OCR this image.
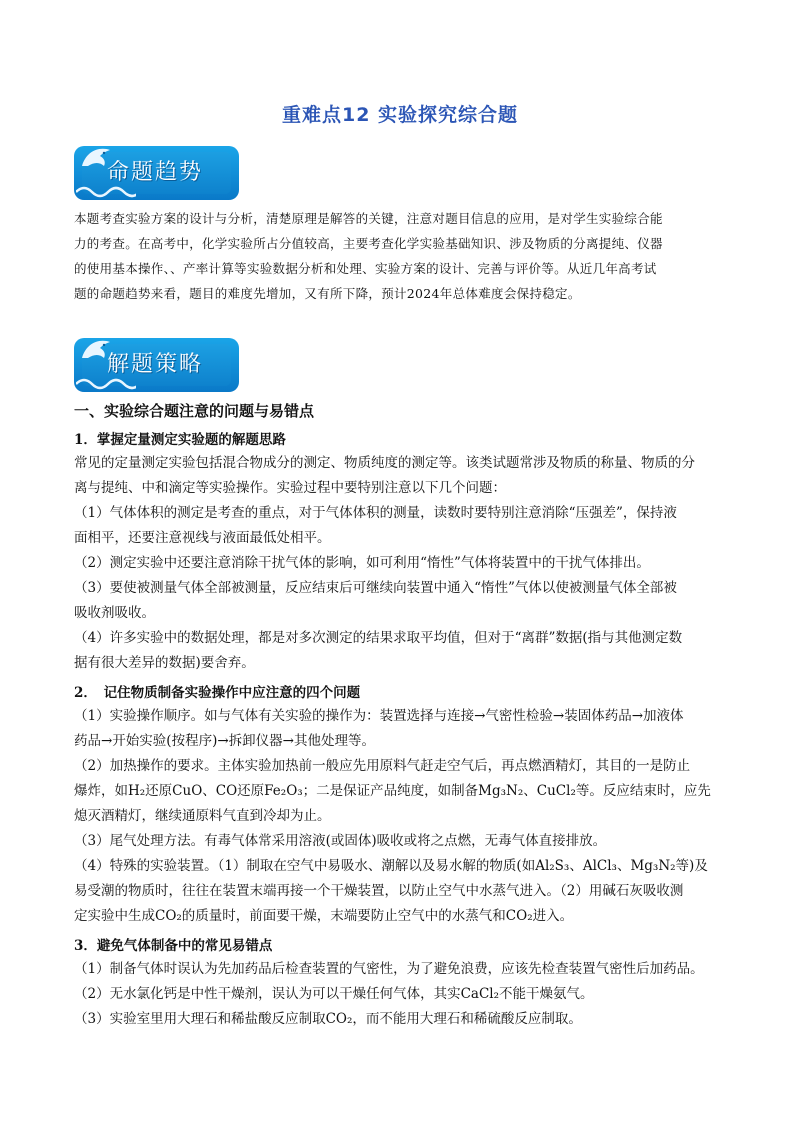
重难点12 实验探究综合题
命题趋势
本题考查实验方案的设计与分析，清楚原理是解答的关键，注意对题目信息的应用，是对学生实验综合能
力的考查。在高考中，化学实验所占分值较高，主要考查化学实验基础知识、涉及物质的分离提纯、仪器
的使用基本操作、、产率计算等实验数据分析和处理、实验方案的设计、完善与评价等。从近几年高考试
题的命题趋势来看，题目的难度先增加，又有所下降，预计2024年总体难度会保持稳定。
解题策略
一、实验综合题注意的问题与易错点
1．掌握定量测定实验题的解题思路
常见的定量测定实验包括混合物成分的测定、物质纯度的测定等。该类试题常涉及物质的称量、物质的分
离与提纯、中和滴定等实验操作。实验过程中要特别注意以下几个问题：
（1）气体体积的测定是考查的重点，对于气体体积的测量，读数时要特别注意消除“压强差”，保持液
面相平，还要注意视线与液面最低处相平。
（2）测定实验中还要注意消除干扰气体的影响，如可利用“惰性”气体将装置中的干扰气体排出。
（3）要使被测量气体全部被测量，反应结束后可继续向装置中通入“惰性”气体以使被测量气体全部被
吸收剂吸收。
（4）许多实验中的数据处理，都是对多次测定的结果求取平均值，但对于“离群”数据(指与其他测定数
据有很大差异的数据)要舍弃。
2．　记住物质制备实验操作中应注意的四个问题
（1）实验操作顺序。如与气体有关实验的操作为：装置选择与连接→气密性检验→装固体药品→加液体
药品→开始实验(按程序)→拆卸仪器→其他处理等。
（2）加热操作的要求。主体实验加热前一般应先用原料气赶走空气后，再点燃酒精灯，其目的一是防止
爆炸，如H₂还原CuO、CO还原Fe₂O₃；二是保证产品纯度，如制备Mg₃N₂、CuCl₂等。反应结束时，应先
熄灭酒精灯，继续通原料气直到冷却为止。
（3）尾气处理方法。有毒气体常采用溶液(或固体)吸收或将之点燃，无毒气体直接排放。
（4）特殊的实验装置。（1）制取在空气中易吸水、潮解以及易水解的物质(如Al₂S₃、AlCl₃、Mg₃N₂等)及
易受潮的物质时，往往在装置末端再接一个干燥装置，以防止空气中水蒸气进入。（2）用碱石灰吸收测
定实验中生成CO₂的质量时，前面要干燥，末端要防止空气中的水蒸气和CO₂进入。
3．避免气体制备中的常见易错点
（1）制备气体时误认为先加药品后检查装置的气密性，为了避免浪费，应该先检查装置气密性后加药品。
（2）无水氯化钙是中性干燥剂，误认为可以干燥任何气体，其实CaCl₂不能干燥氨气。
（3）实验室里用大理石和稀盐酸反应制取CO₂，而不能用大理石和稀硫酸反应制取。
